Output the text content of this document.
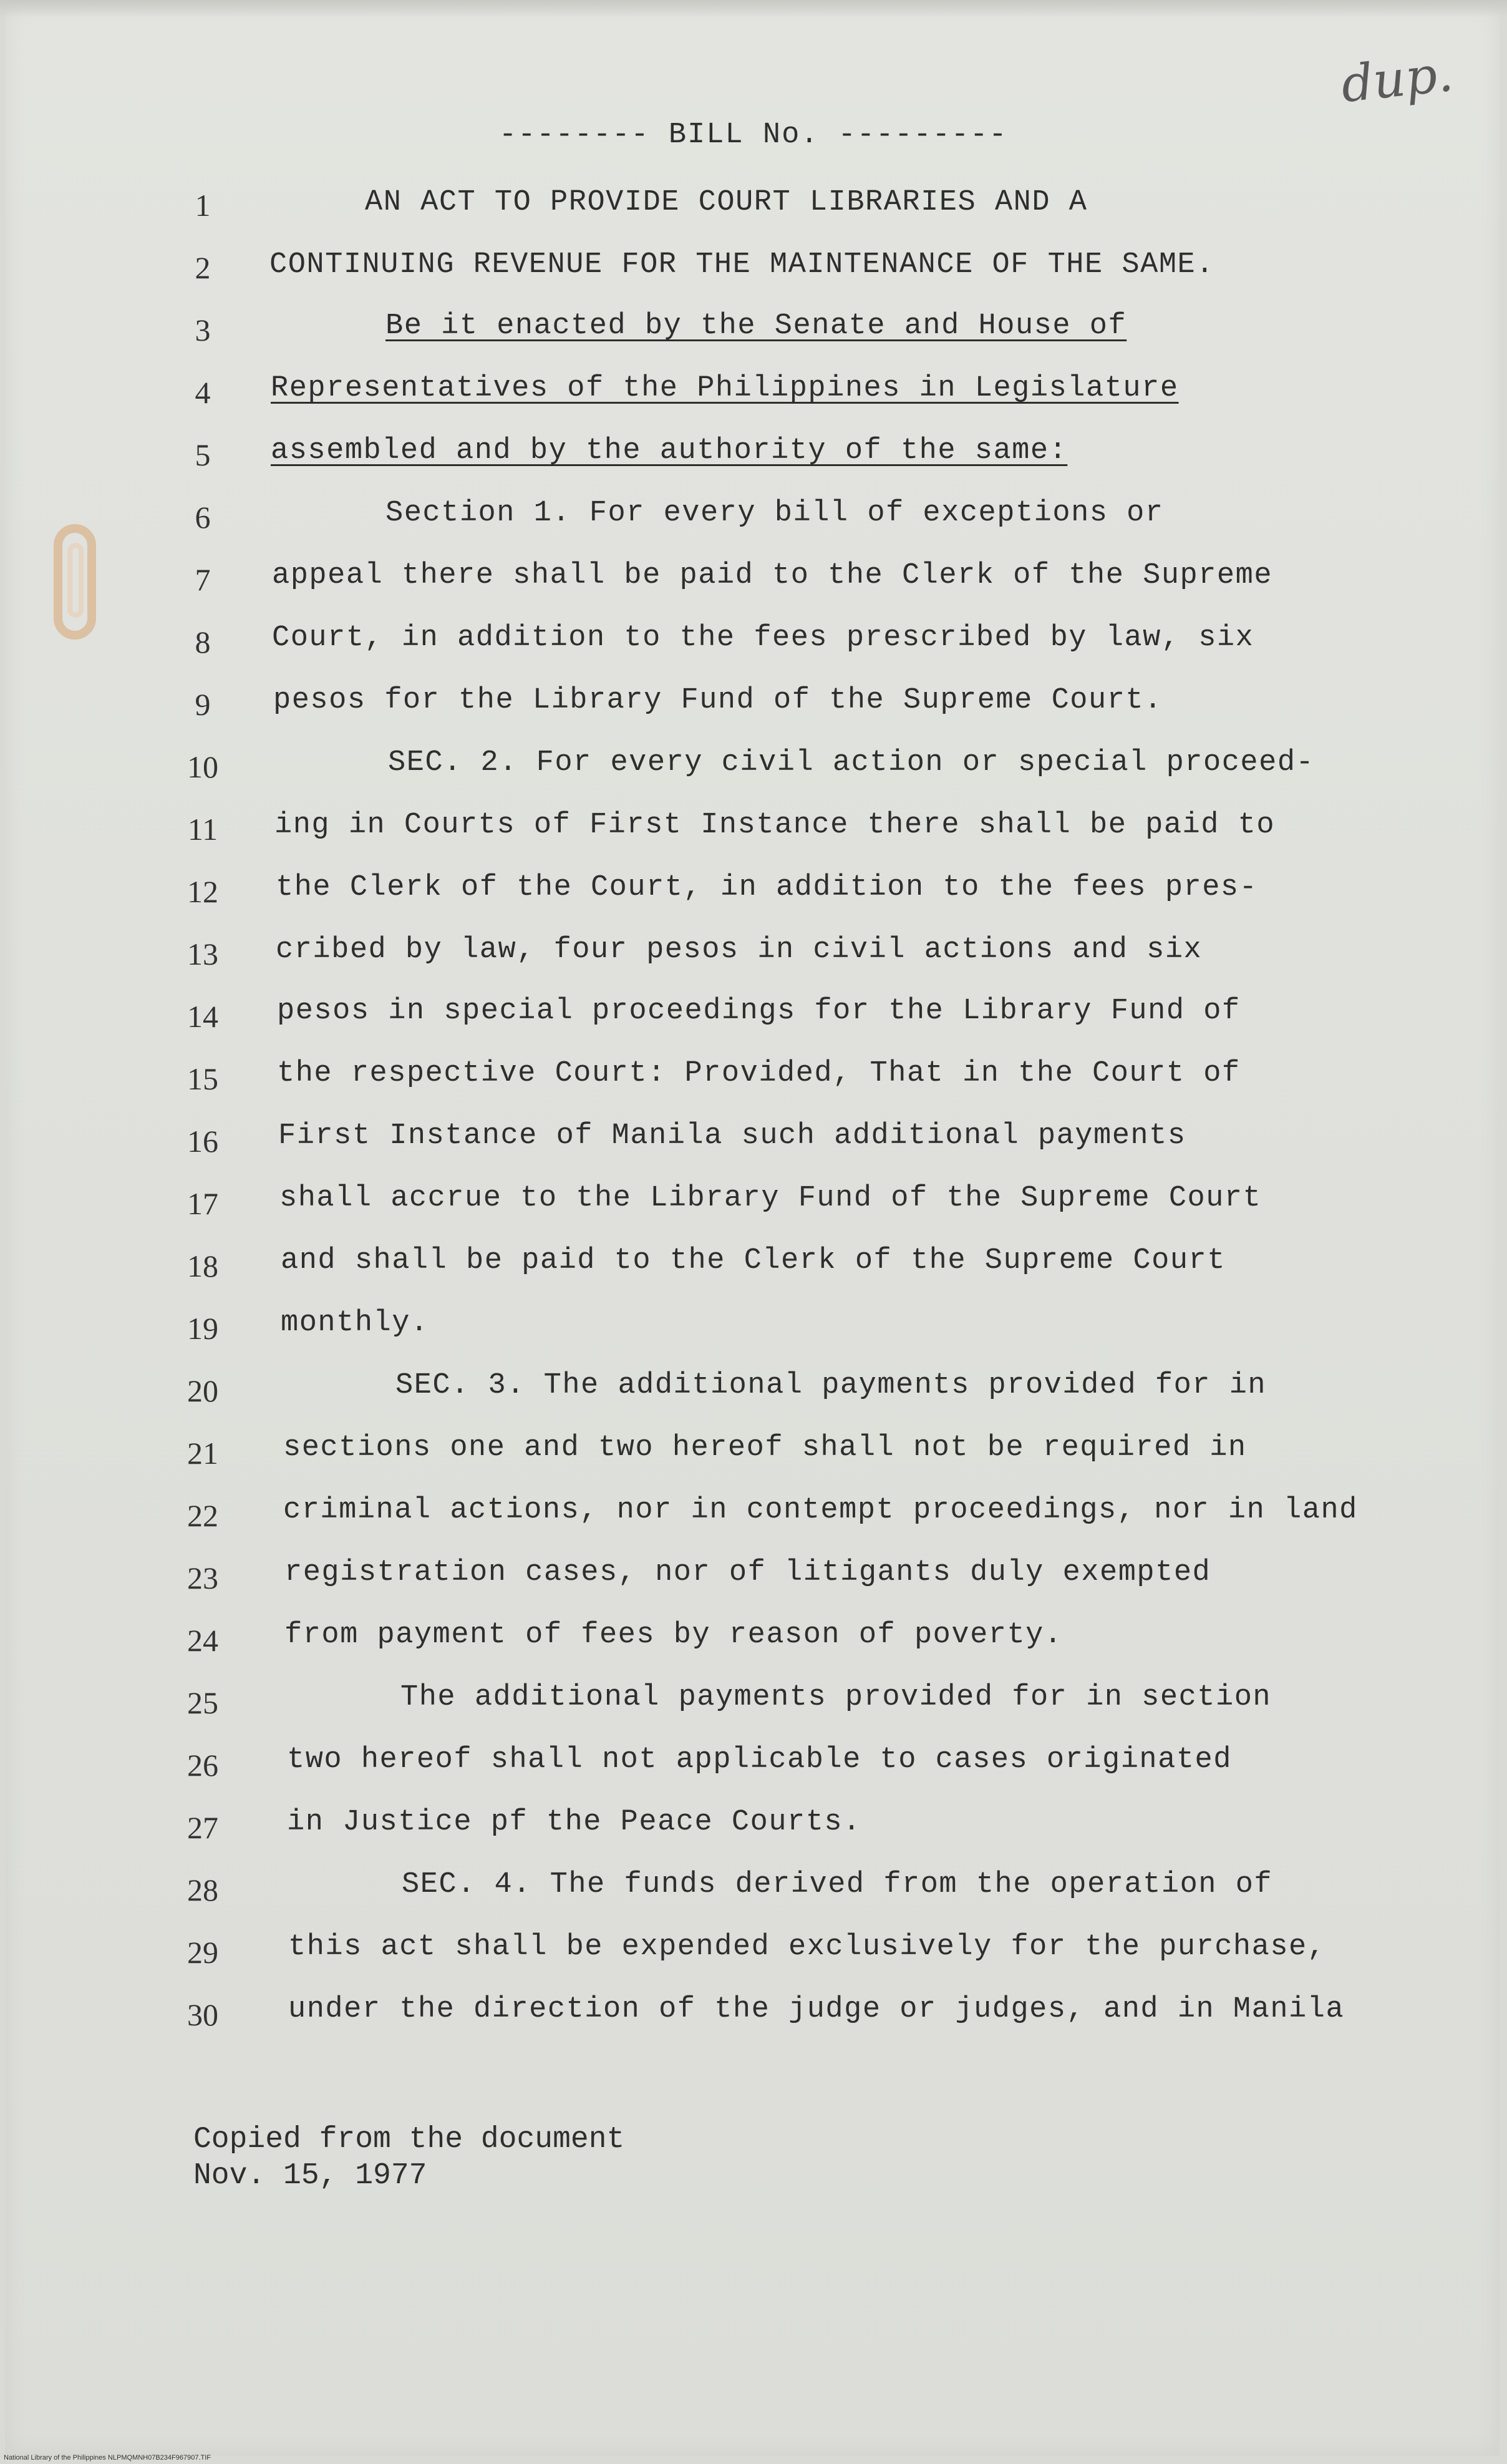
dup.
-------- BILL No. ---------
1
2
3
4
5
6
7
8
9
10
11
12
13
14
15
16
17
18
19
20
21
22
23
24
25
26
27
28
29
30
AN ACT TO PROVIDE COURT LIBRARIES AND A
CONTINUING REVENUE FOR THE MAINTENANCE OF THE SAME.
Be it enacted by the Senate and House of
Representatives of the Philippines in Legislature
assembled and by the authority of the same:
Section 1. For every bill of exceptions or
appeal there shall be paid to the Clerk of the Supreme
Court, in addition to the fees prescribed by law, six
pesos for the Library Fund of the Supreme Court.
SEC. 2. For every civil action or special proceed-
ing in Courts of First Instance there shall be paid to
the Clerk of the Court, in addition to the fees pres-
cribed by law, four pesos in civil actions and six
pesos in special proceedings for the Library Fund of
the respective Court: Provided, That in the Court of
First Instance of Manila such additional payments
shall accrue to the Library Fund of the Supreme Court
and shall be paid to the Clerk of the Supreme Court
monthly.
SEC. 3. The additional payments provided for in
sections one and two hereof shall not be required in
criminal actions, nor in contempt proceedings, nor in land
registration cases, nor of litigants duly exempted
from payment of fees by reason of poverty.
The additional payments provided for in section
two hereof shall not applicable to cases originated
in Justice pf the Peace Courts.
SEC. 4. The funds derived from the operation of
this act shall be expended exclusively for the purchase,
under the direction of the judge or judges, and in Manila
Copied from the document
Nov. 15, 1977
National Library of the Philippines NLPMQMNH07B234F967907.TIF
